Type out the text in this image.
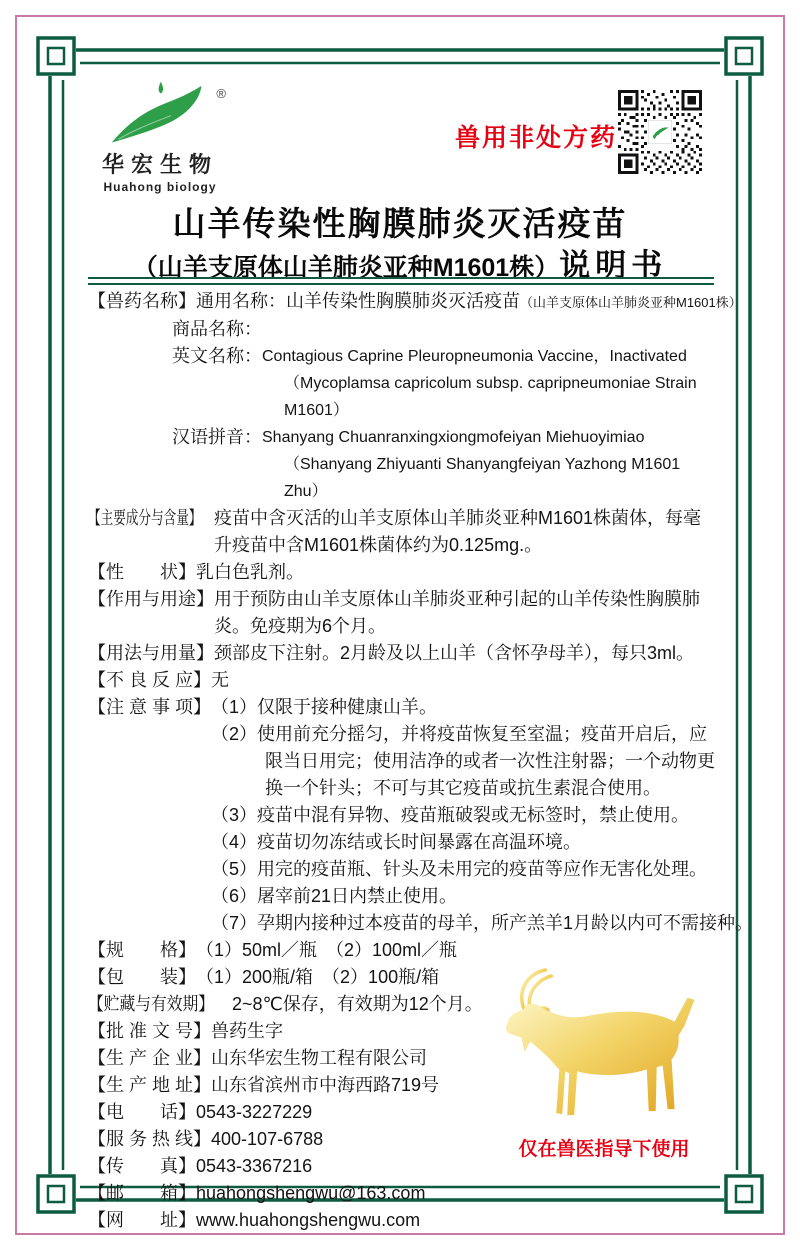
®
华宏生物
Huahong biology
兽用非处方药
山羊传染性胸膜肺炎灭活疫苗
（山羊支原体山羊肺炎亚种M1601株）说明书
【兽药名称】 通用名称： 山羊传染性胸膜肺炎灭活疫苗（山羊支原体山羊肺炎亚种M1601株）
商品名称：
英文名称： Contagious Caprine Pleuropneumonia Vaccine，Inactivated
（Mycoplamsa capricolum subsp. capripneumoniae Strain M1601）
汉语拼音： Shanyang Chuanranxingxiongmofeiyan Miehuoyimiao
（Shanyang Zhiyuanti Shanyangfeiyan Yazhong M1601 Zhu）
【主要成分与含量】 疫苗中含灭活的山羊支原体山羊肺炎亚种M1601株菌体，每毫升疫苗中含M1601株菌体约为0.125mg.。
【性　　状】 乳白色乳剂。
【作用与用途】 用于预防由山羊支原体山羊肺炎亚种引起的山羊传染性胸膜肺炎。免疫期为6个月。
【用法与用量】 颈部皮下注射。2月龄及以上山羊（含怀孕母羊），每只3ml。
【不 良 反 应】 无
【注 意 事 项】 （1）仅限于接种健康山羊。
（2）使用前充分摇匀，并将疫苗恢复至室温；疫苗开启后，应限当日用完；使用洁净的或者一次性注射器；一个动物更换一个针头；不可与其它疫苗或抗生素混合使用。
（3）疫苗中混有异物、疫苗瓶破裂或无标签时，禁止使用。
（4）疫苗切勿冻结或长时间暴露在高温环境。
（5）用完的疫苗瓶、针头及未用完的疫苗等应作无害化处理。
（6）屠宰前21日内禁止使用。
（7）孕期内接种过本疫苗的母羊，所产羔羊1月龄以内可不需接种。
【规　　格】 （1）50ml／瓶　（2）100ml／瓶
【包　　装】 （1）200瓶/箱　（2）100瓶/箱
【贮藏与有效期】 　2~8℃保存，有效期为12个月。
【批 准 文 号】 兽药生字
【生 产 企 业】 山东华宏生物工程有限公司
【生 产 地 址】 山东省滨州市中海西路719号
【电　　话】 0543-3227229
【服 务 热 线】 400-107-6788
【传　　真】 0543-3367216
【邮　　箱】 huahongshengwu@163.com
【网　　址】 www.huahongshengwu.com
仅在兽医指导下使用
